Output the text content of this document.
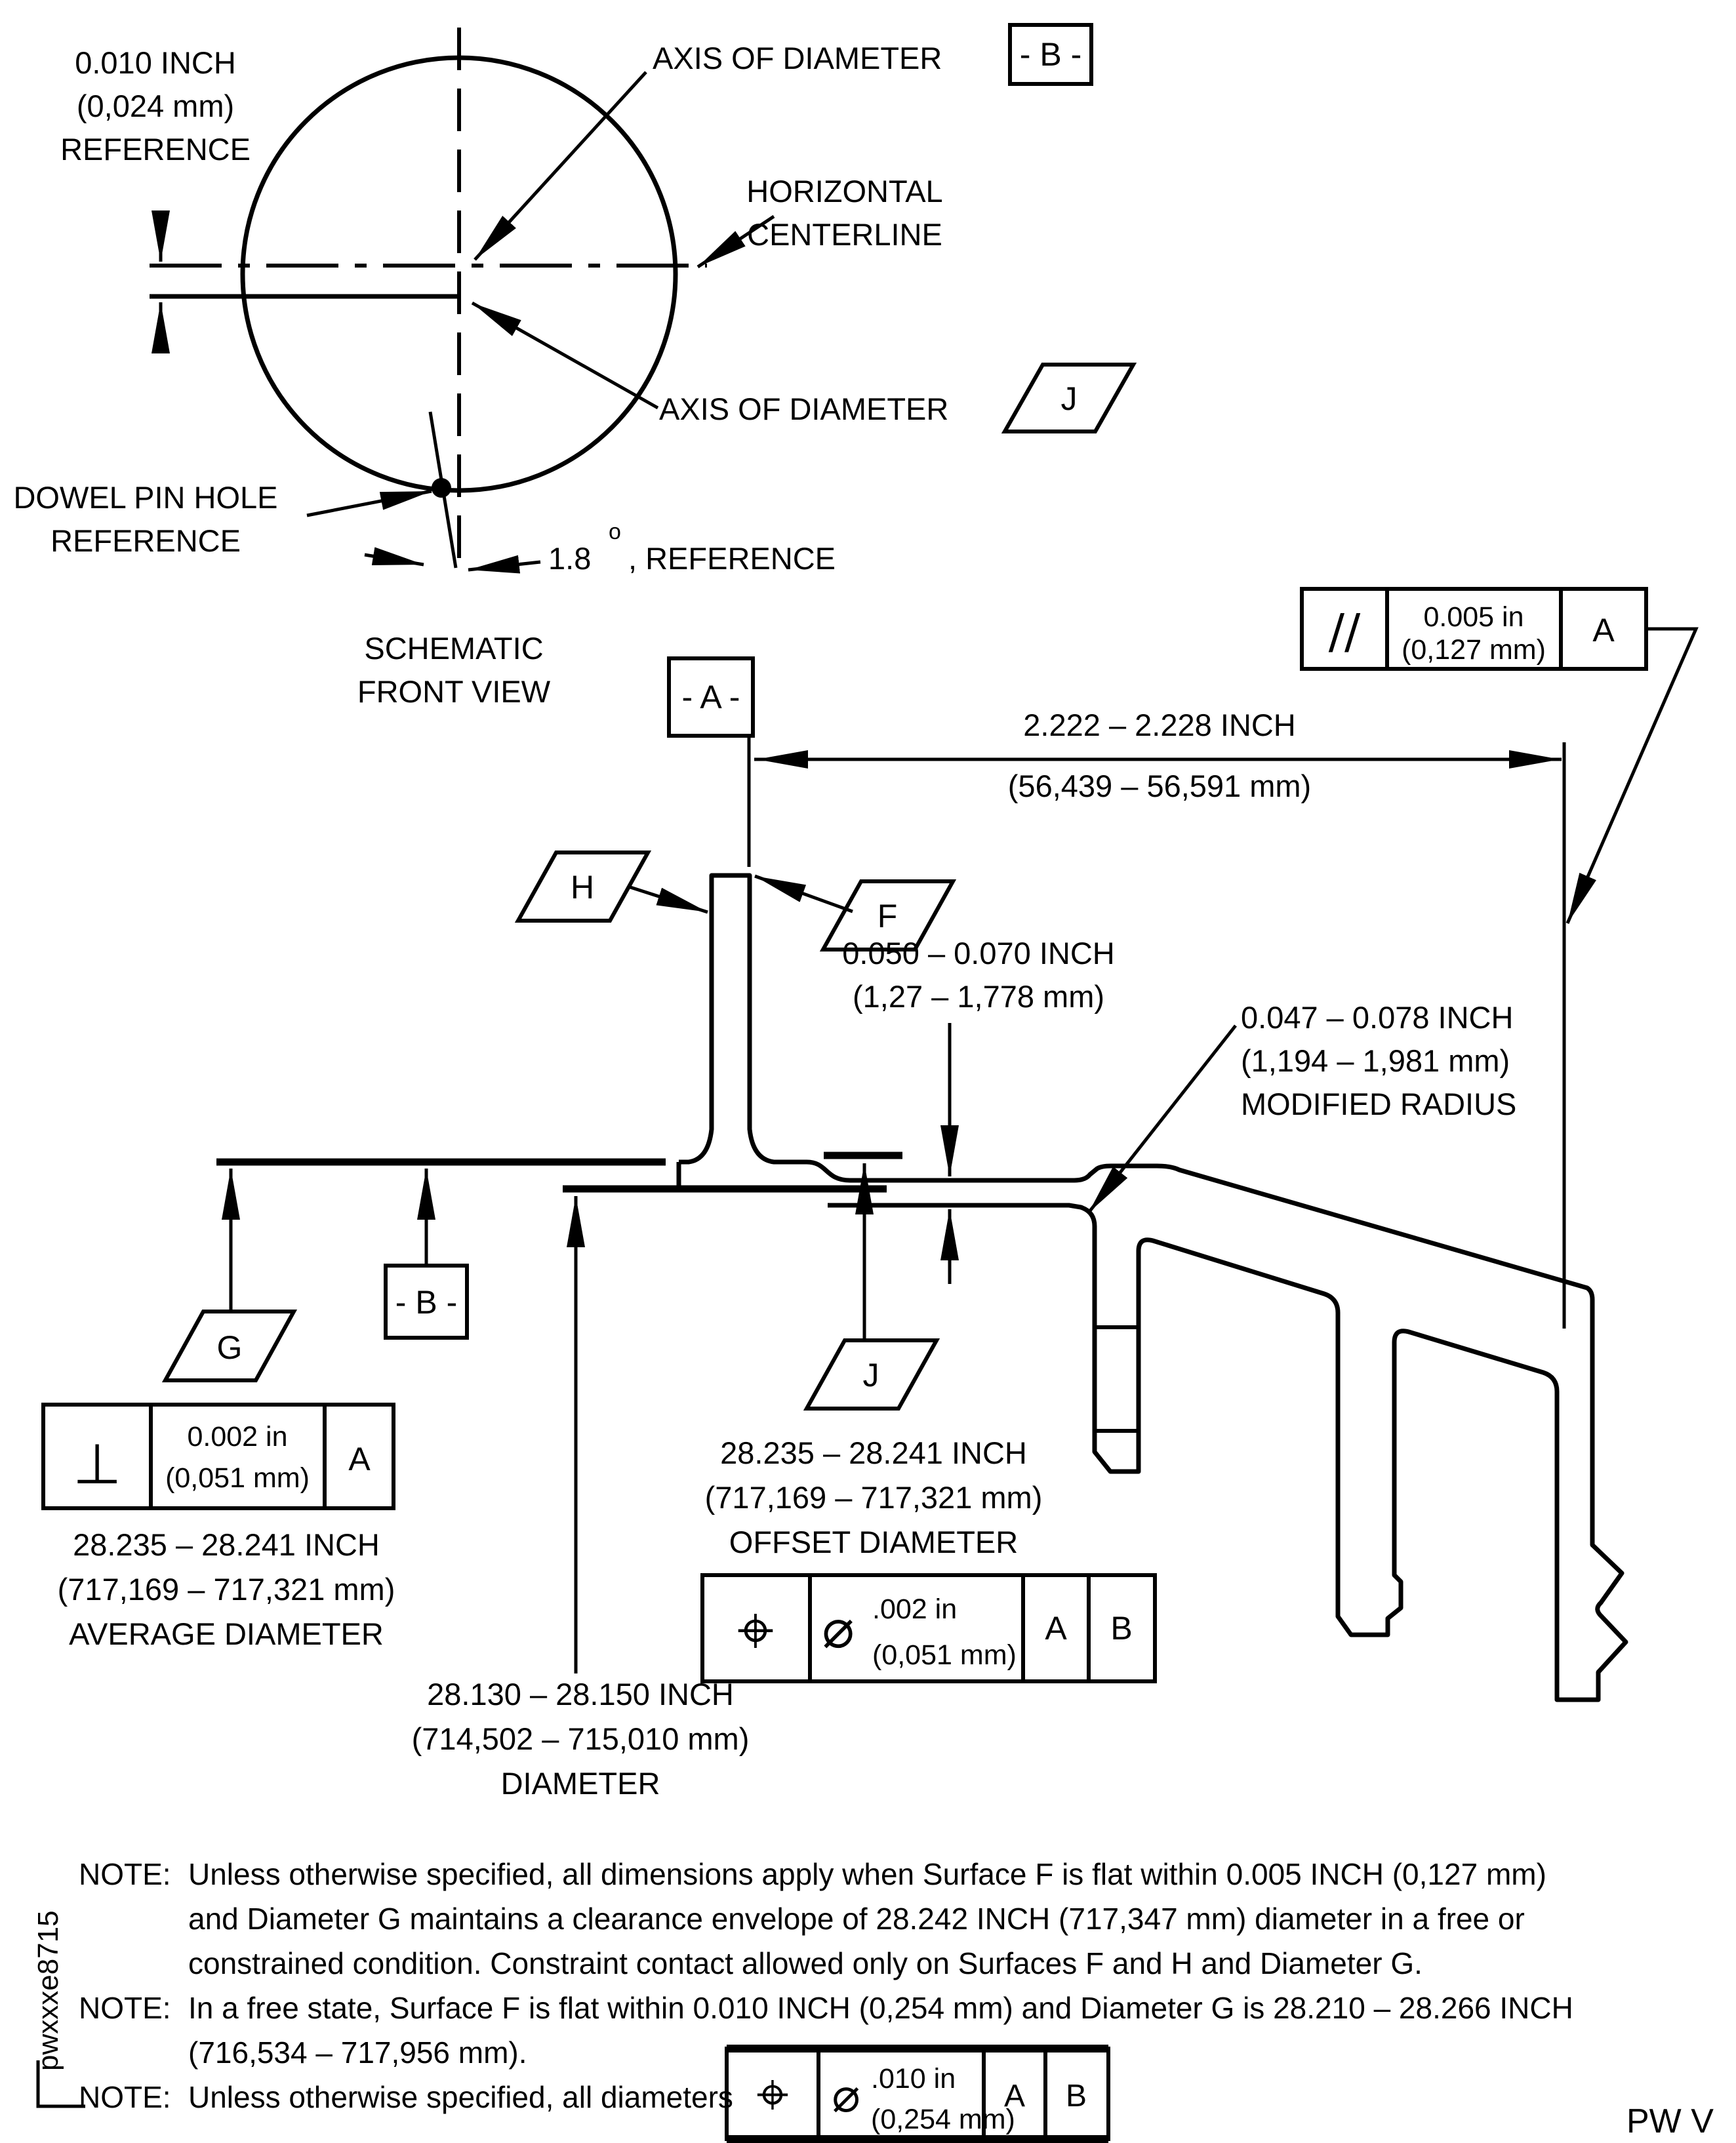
0.010 INCH
(0,024 mm)
REFERENCE
AXIS OF DIAMETER - B -
HORIZONTAL
CENTERLINE
AXIS OF DIAMETER	J
DOWEL PIN HOLE
REFERENCE
1.8
o
, REFERENCE
SCHEMATIC
FRONT VIEW	- A -
2.222 – 2.228 INCH
(56,439 – 56,591 mm)
// 0.005 in
(0,127 mm)
A
H
F
0.050 – 0.070 INCH
(1,27 – 1,778 mm)
0.047 – 0.078 INCH
(1,194 – 1,981 mm)
MODIFIED RADIUS
G
- B -
⊥ 0.002 in
(0,051 mm)
A
28.235 – 28.241 INCH
(717,169 – 717,321 mm)
AVERAGE DIAMETER
J
28.235 – 28.241 INCH
(717,169 – 717,321 mm)
OFFSET DIAMETER
⌖ ⌀ .002 in
(0,051 mm)
A B
28.130 – 28.150 INCH
(714,502 – 715,010 mm)
DIAMETER
NOTE: Unless otherwise specified, all dimensions apply when Surface F is flat within 0.005 INCH (0,127 mm)
and Diameter G maintains a clearance envelope of 28.242 INCH (717,347 mm) diameter in a free or
constrained condition. Constraint contact allowed only on Surfaces F and H and Diameter G.
NOTE: In a free state, Surface F is flat within 0.010 INCH (0,254 mm) and Diameter G is 28.210 – 28.266 INCH
(716,534 – 717,956 mm).
NOTE: Unless otherwise specified, all diameters ⌖ ⌀ .010 in
(0,254 mm)
A B
pwxxxe8715
PW V
